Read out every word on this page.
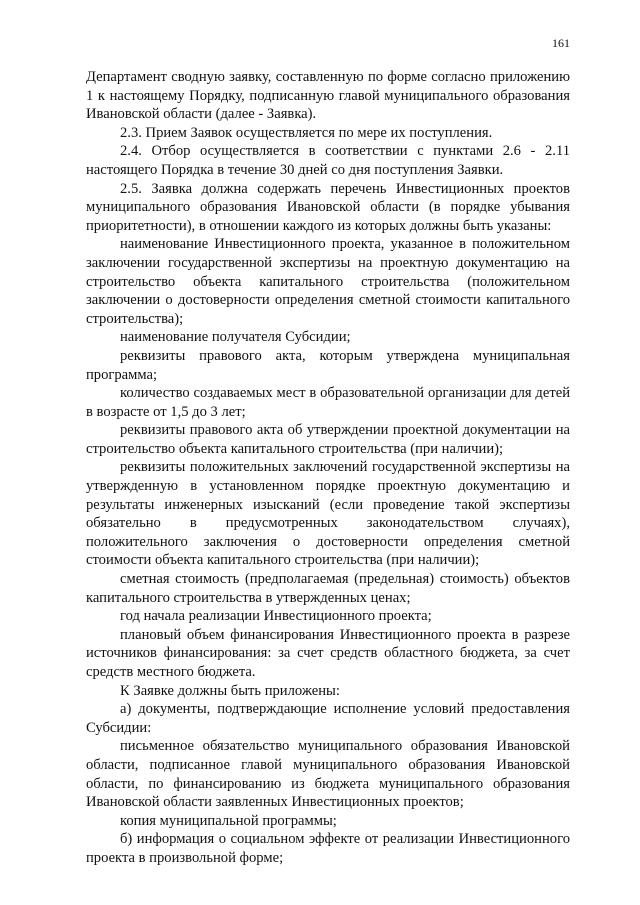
161

Департамент сводную заявку, составленную по форме согласно приложению 1 к настоящему Порядку, подписанную главой муниципального образования Ивановской области (далее - Заявка).

2.3. Прием Заявок осуществляется по мере их поступления.

2.4. Отбор осуществляется в соответствии с пунктами 2.6 - 2.11 настоящего Порядка в течение 30 дней со дня поступления Заявки.

2.5. Заявка должна содержать перечень Инвестиционных проектов муниципального образования Ивановской области (в порядке убывания приоритетности), в отношении каждого из которых должны быть указаны:

наименование Инвестиционного проекта, указанное в положительном заключении государственной экспертизы на проектную документацию на строительство объекта капитального строительства (положительном заключении о достоверности определения сметной стоимости капитального строительства);

наименование получателя Субсидии;

реквизиты правового акта, которым утверждена муниципальная программа;

количество создаваемых мест в образовательной организации для детей в возрасте от 1,5 до 3 лет;

реквизиты правового акта об утверждении проектной документации на строительство объекта капитального строительства (при наличии);

реквизиты положительных заключений государственной экспертизы на утвержденную в установленном порядке проектную документацию и результаты инженерных изысканий (если проведение такой экспертизы обязательно в предусмотренных законодательством случаях), положительного заключения о достоверности определения сметной стоимости объекта капитального строительства (при наличии);

сметная стоимость (предполагаемая (предельная) стоимость) объектов капитального строительства в утвержденных ценах;

год начала реализации Инвестиционного проекта;

плановый объем финансирования Инвестиционного проекта в разрезе источников финансирования: за счет средств областного бюджета, за счет средств местного бюджета.

К Заявке должны быть приложены:

а) документы, подтверждающие исполнение условий предоставления Субсидии:

письменное обязательство муниципального образования Ивановской области, подписанное главой муниципального образования Ивановской области, по финансированию из бюджета муниципального образования Ивановской области заявленных Инвестиционных проектов;

копия муниципальной программы;

б) информация о социальном эффекте от реализации Инвестиционного проекта в произвольной форме;
